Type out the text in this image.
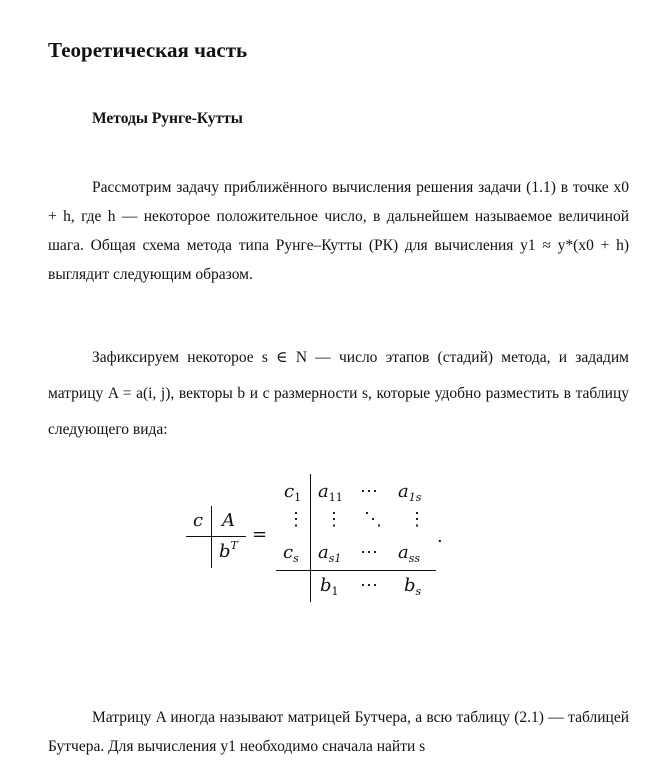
Теоретическая часть
Методы Рунге-Кутты

Рассмотрим задачу приближённого вычисления решения задачи (1.1) в точке x0 + h, где h — некоторое положительное число, в дальнейшем называемое величиной шага. Общая схема метода типа Рунге–Кутты (РК) для вычисления y1 ≈ y*(x0 + h) выглядит следующим образом.

Зафиксируем некоторое s ∈ N — число этапов (стадий) метода, и зададим матрицу A = a(i, j), векторы b и c размерности s, которые удобно разместить в таблицу следующего вида:

c A
$b^T$
=
$c_1$ $a_{11}$ ⋯ $a_{1s}$
⋮ ⋮ ⋱ ⋮
$c_s$ $a_{s1}$ ⋯ $a_{ss}$
$b_1$ ⋯ $b_s$
.

Матрицу A иногда называют матрицей Бутчера, а всю таблицу (2.1) — таблицей Бутчера. Для вычисления y1 необходимо сначала найти s
